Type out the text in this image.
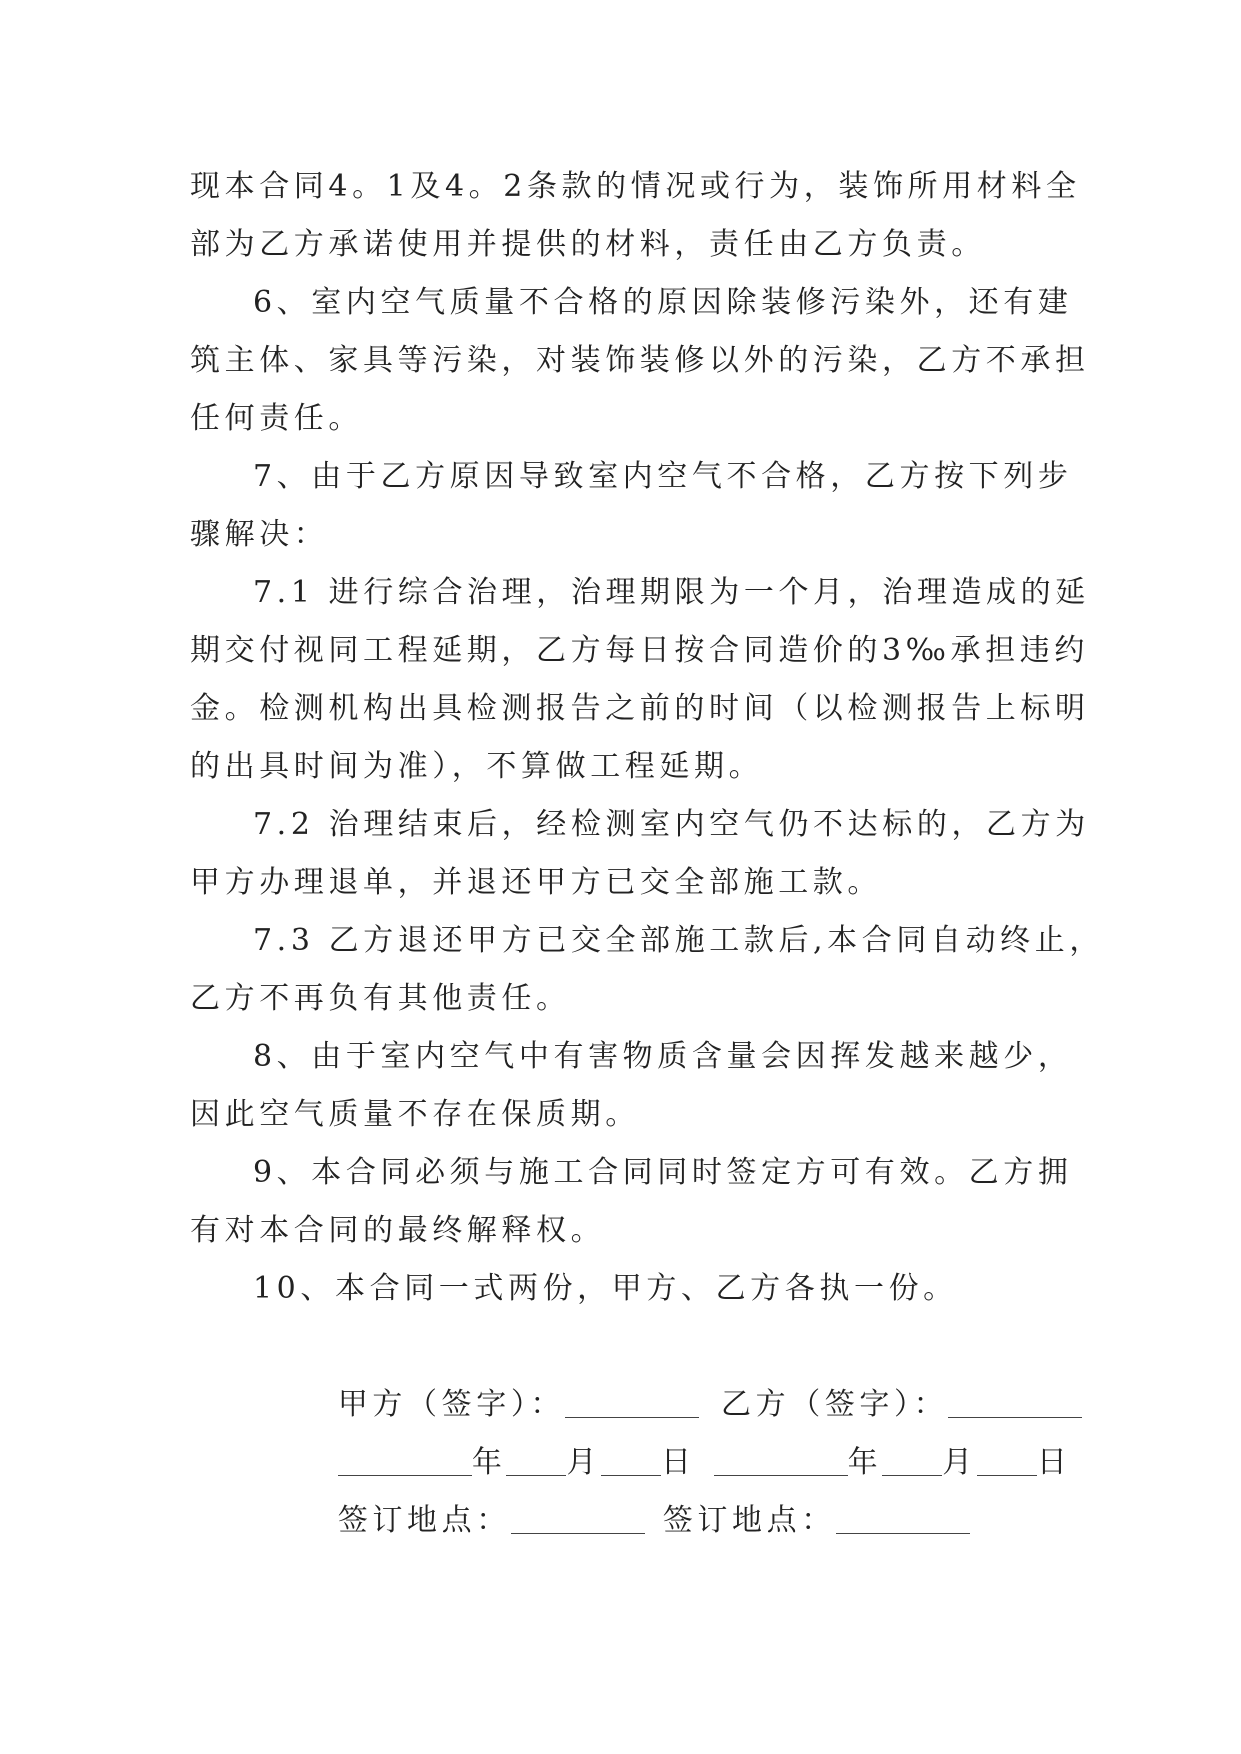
现本合同4。1及4。2条款的情况或行为，装饰所用材料全
部为乙方承诺使用并提供的材料，责任由乙方负责。
6、室内空气质量不合格的原因除装修污染外，还有建
筑主体、家具等污染，对装饰装修以外的污染，乙方不承担
任何责任。
7、由于乙方原因导致室内空气不合格，乙方按下列步
骤解决：
7.1 进行综合治理，治理期限为一个月，治理造成的延
期交付视同工程延期，乙方每日按合同造价的3‰承担违约
金。检测机构出具检测报告之前的时间（以检测报告上标明
的出具时间为准），不算做工程延期。
7.2 治理结束后，经检测室内空气仍不达标的，乙方为
甲方办理退单，并退还甲方已交全部施工款。
7.3 乙方退还甲方已交全部施工款后,本合同自动终止，
乙方不再负有其他责任。
8、由于室内空气中有害物质含量会因挥发越来越少，
因此空气质量不存在保质期。
9、本合同必须与施工合同同时签定方可有效。乙方拥
有对本合同的最终解释权。
10、本合同一式两份，甲方、乙方各执一份。

甲方（签字）：	乙方（签字）：

年 月 日	年 月 日

签订地点：	签订地点：
